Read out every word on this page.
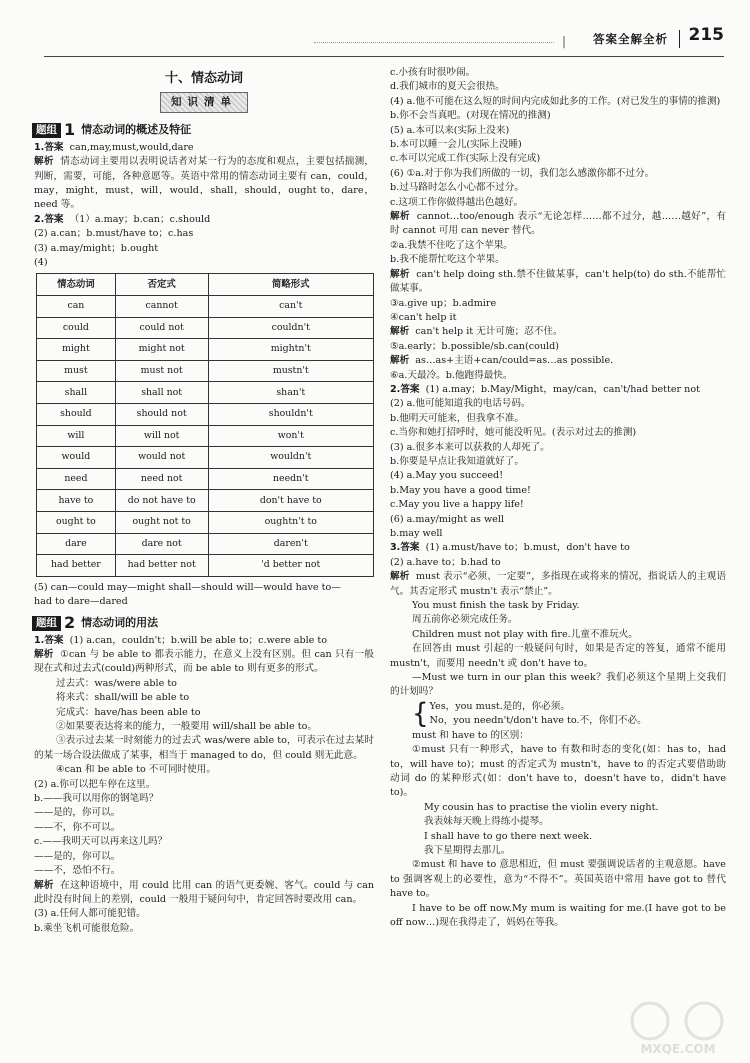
| 答案全解全析 215
十、情态动词
知识清单
题组 1 情态动词的概述及特征

1.答案 can,may,must,would,dare

解析 情态动词主要用以表明说话者对某一行为的态度和观点，主要包括揣测，判断，需要，可能，各种意愿等。英语中常用的情态动词主要有 can，could，may，might，must，will，would，shall，should，ought to，dare，need 等。

2.答案 （1）a.may；b.can；c.should

(2) a.can；b.must/have to；c.has

(3) a.may/might；b.ought

(4)

情态动词	否定式	简略形式
can	cannot	can't
could	could not	couldn't
might	might not	mightn't
must	must not	mustn't
shall	shall not	shan't
should	should not	shouldn't
will	will not	won't
would	would not	wouldn't
need	need not	needn't
have to	do not have to	don't have to
ought to	ought not to	oughtn't to
dare	dare not	daren't
had better	had better not	'd better not

(5) can—could may—might shall—should will—would have to—

had to dare—dared

题组 2 情态动词的用法

1.答案 (1) a.can，couldn't；b.will be able to；c.were able to

解析 ①can 与 be able to 都表示能力，在意义上没有区别。但 can 只有一般现在式和过去式(could)两种形式，而 be able to 则有更多的形式。

过去式：was/were able to

将来式：shall/will be able to

完成式：have/has been able to

②如果要表达将来的能力，一般要用 will/shall be able to。

③表示过去某一时刻能力的过去式 was/were able to，可表示在过去某时的某一场合设法做成了某事，相当于 managed to do，但 could 则无此意。

④can 和 be able to 不可同时使用。

(2) a.你可以把车停在这里。

b.——我可以用你的钢笔吗？

——是的，你可以。

——不，你不可以。

c.——我明天可以再来这儿吗？

——是的，你可以。

——不，恐怕不行。

解析 在这种语境中，用 could 比用 can 的语气更委婉、客气。could 与 can 此时没有时间上的差别，could 一般用于疑问句中，肯定回答时要改用 can。

(3) a.任何人都可能犯错。

b.乘坐飞机可能很危险。

c.小孩有时很吵闹。

d.我们城市的夏天会很热。

(4) a.他不可能在这么短的时间内完成如此多的工作。(对已发生的事情的推测)

b.你不会当真吧。(对现在情况的推测)

(5) a.本可以来(实际上没来)

b.本可以睡一会儿(实际上没睡)

c.本可以完成工作(实际上没有完成)

(6) ①a.对于你为我们所做的一切，我们怎么感激你都不过分。

b.过马路时怎么小心都不过分。

c.这项工作你做得越出色越好。

解析 cannot…too/enough 表示“无论怎样……都不过分，越……越好”，有时 cannot 可用 can never 替代。

②a.我禁不住吃了这个苹果。

b.我不能帮忙吃这个苹果。

解析 can't help doing sth.禁不住做某事，can't help(to) do sth.不能帮忙做某事。

③a.give up；b.admire

④can't help it

解析 can't help it 无计可施；忍不住。

⑤a.early；b.possible/sb.can(could)

解析 as…as+主语+can/could=as…as possible.

⑥a.天最冷。b.他跑得最快。

2.答案 (1) a.may；b.May/Might，may/can，can't/had better not

(2) a.他可能知道我的电话号码。

b.他明天可能来，但我拿不准。

c.当你和她打招呼时，她可能没听见。(表示对过去的推测)

(3) a.很多本来可以获救的人却死了。

b.你要是早点让我知道就好了。

(4) a.May you succeed!

b.May you have a good time!

c.May you live a happy life!

(6) a.may/might as well

b.may well

3.答案 (1) a.must/have to；b.must，don't have to

(2) a.have to；b.had to

解析 must 表示“必须、一定要”，多指现在或将来的情况，指说话人的主观语气。其否定形式 mustn't 表示“禁止”。

You must finish the task by Friday.

周五前你必须完成任务。

Children must not play with fire.儿童不准玩火。

在回答由 must 引起的一般疑问句时，如果是否定的答复，通常不能用 mustn't，而要用 needn't 或 don't have to。

—Must we turn in our plan this week？我们必须这个星期上交我们的计划吗？

{ Yes，you must.是的，你必须。

No，you needn't/don't have to.不，你们不必。

must 和 have to 的区别：

①must 只有一种形式，have to 有数和时态的变化(如：has to，had to，will have to)；must 的否定式为 mustn't，have to 的否定式要借助助动词 do 的某种形式(如：don't have to，doesn't have to，didn't have to)。

My cousin has to practise the violin every night.

我表妹每天晚上得练小提琴。

I shall have to go there next week.

我下星期得去那儿。

②must 和 have to 意思相近，但 must 要强调说话者的主观意愿。have to 强调客观上的必要性，意为“不得不”。英国英语中常用 have got to 替代 have to。

I have to be off now.My mum is waiting for me.(I have got to be off now…)现在我得走了，妈妈在等我。

MXQE.COM
